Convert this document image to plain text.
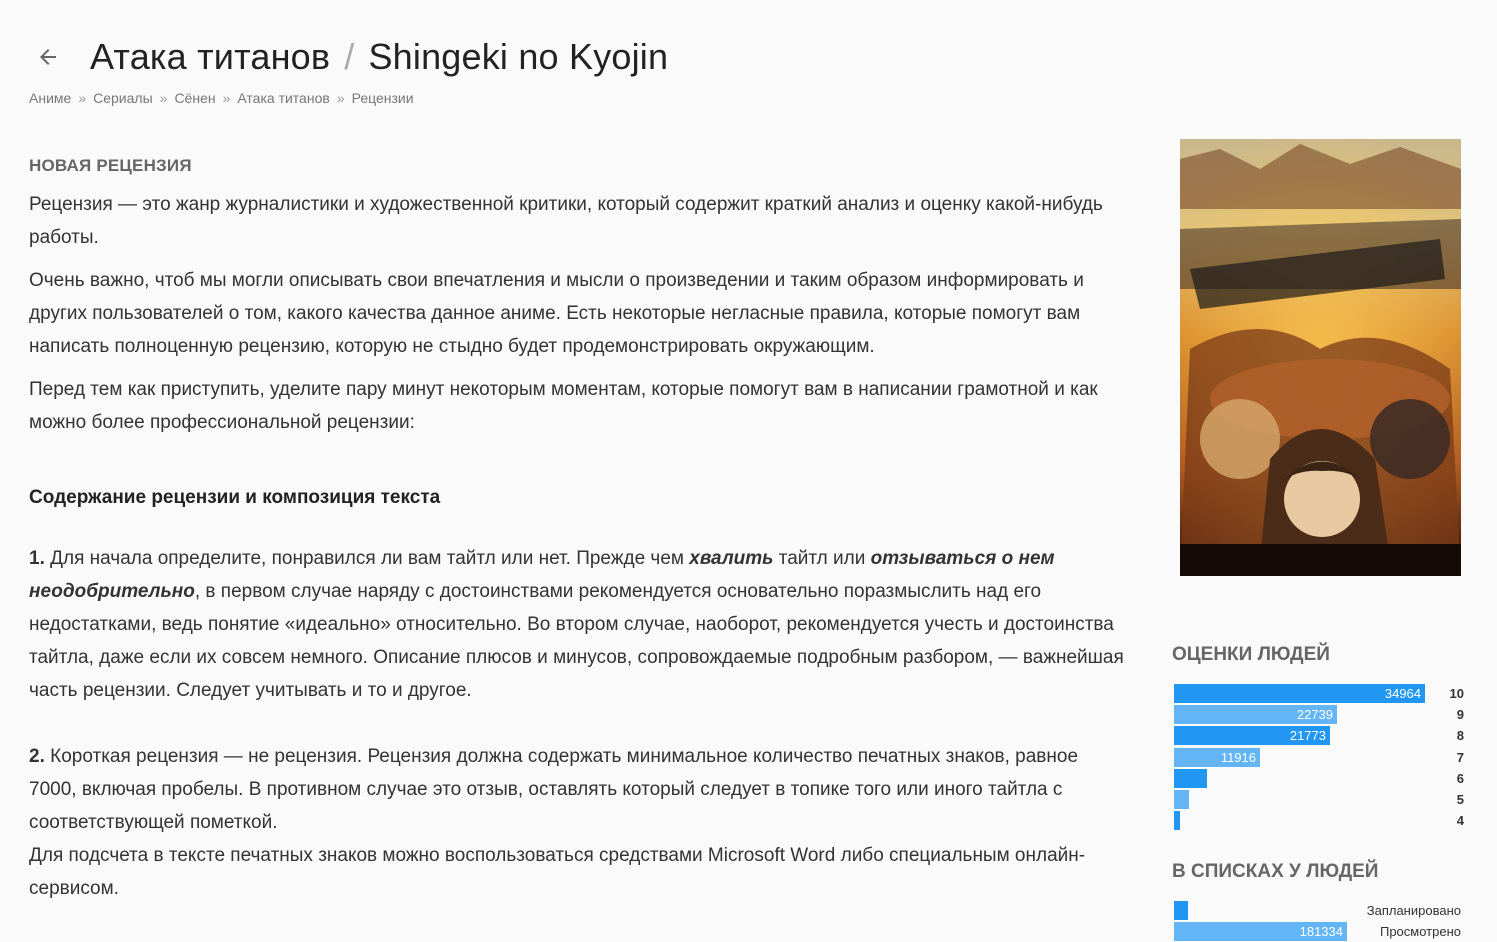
Атака титанов / Shingeki no Kyojin
Аниме » Сериалы » Сёнен » Атака титанов » Рецензии
НОВАЯ РЕЦЕНЗИЯ

Рецензия — это жанр журналистики и художественной критики, который содержит краткий анализ и оценку какой-нибудь работы.

Очень важно, чтоб мы могли описывать свои впечатления и мысли о произведении и таким образом информировать и других пользователей о том, какого качества данное аниме. Есть некоторые негласные правила, которые помогут вам написать полноценную рецензию, которую не стыдно будет продемонстрировать окружающим.

Перед тем как приступить, уделите пару минут некоторым моментам, которые помогут вам в написании грамотной и как можно более профессиональной рецензии:

Содержание рецензии и композиция текста

1. Для начала определите, понравился ли вам тайтл или нет. Прежде чем хвалить тайтл или отзываться о нем неодобрительно, в первом случае наряду с достоинствами рекомендуется основательно поразмыслить над его недостатками, ведь понятие «идеально» относительно. Во втором случае, наоборот, рекомендуется учесть и достоинства тайтла, даже если их совсем немного. Описание плюсов и минусов, сопровождаемые подробным разбором, — важнейшая часть рецензии. Следует учитывать и то и другое.

2. Короткая рецензия — не рецензия. Рецензия должна содержать минимальное количество печатных знаков, равное 7000, включая пробелы. В противном случае это отзыв, оставлять который следует в топике того или иного тайтла с соответствующей пометкой.

Для подсчета в тексте печатных знаков можно воспользоваться средствами Microsoft Word либо специальным онлайн-сервисом.

ОЦЕНКИ ЛЮДЕЙ
34964	10
22739	9
21773	8
11916	7
6
5
4
В СПИСКАХ У ЛЮДЕЙ
Запланировано
181334	Просмотрено
